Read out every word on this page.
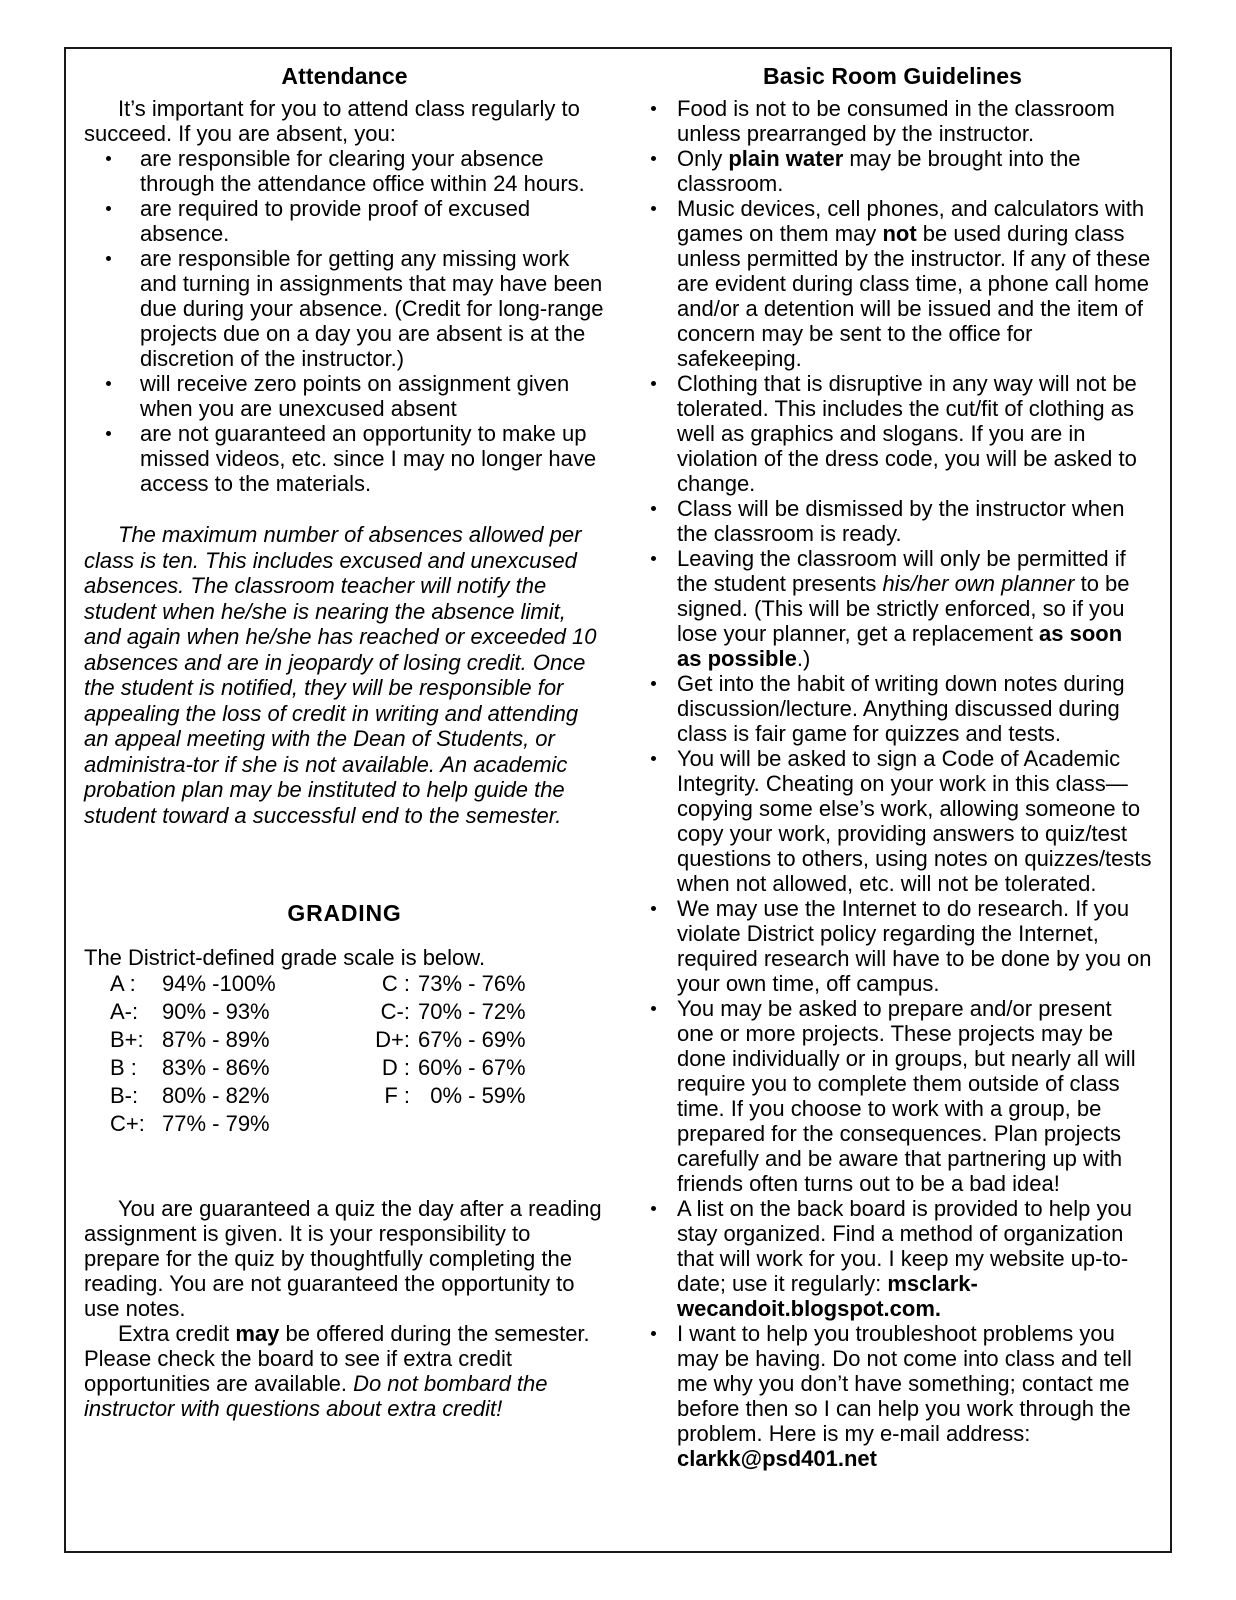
Attendance

It’s important for you to attend class regularly to succeed. If you are absent, you:

are responsible for clearing your absence through the attendance office within 24 hours.
are required to provide proof of excused absence.
are responsible for getting any missing work and turning in assignments that may have been due during your absence. (Credit for long-range projects due on a day you are absent is at the discretion of the instructor.)
will receive zero points on assignment given when you are unexcused absent
are not guaranteed an opportunity to make up missed videos, etc. since I may no longer have access to the materials.

The maximum number of absences allowed per class is ten. This includes excused and unexcused absences. The classroom teacher will notify the student when he/she is nearing the absence limit, and again when he/she has reached or exceeded 10 absences and are in jeopardy of losing credit. Once the student is notified, they will be responsible for appealing the loss of credit in writing and attending an appeal meeting with the Dean of Students, or administra-tor if she is not available. An academic probation plan may be instituted to help guide the student toward a successful end to the semester.

GRADING

The District-defined grade scale is below.

A :	94% -100%	C :	73% - 76%
A-:	90% - 93%	C-:	70% - 72%
B+:	87% - 89%	D+:	67% - 69%
B :	83% - 86%	D :	60% - 67%
B-:	80% - 82%	F :	0% - 59%
C+:	77% - 79%		

You are guaranteed a quiz the day after a reading assignment is given. It is your responsibility to prepare for the quiz by thoughtfully completing the reading. You are not guaranteed the opportunity to use notes.

Extra credit may be offered during the semester. Please check the board to see if extra credit opportunities are available. Do not bombard the instructor with questions about extra credit!

Basic Room Guidelines
Food is not to be consumed in the classroom unless prearranged by the instructor.
Only plain water may be brought into the classroom.
Music devices, cell phones, and calculators with games on them may not be used during class unless permitted by the instructor. If any of these are evident during class time, a phone call home and/or a detention will be issued and the item of concern may be sent to the office for safekeeping.
Clothing that is disruptive in any way will not be tolerated. This includes the cut/fit of clothing as well as graphics and slogans. If you are in violation of the dress code, you will be asked to change.
Class will be dismissed by the instructor when the classroom is ready.
Leaving the classroom will only be permitted if the student presents his/her own planner to be signed. (This will be strictly enforced, so if you lose your planner, get a replacement as soon as possible.)
Get into the habit of writing down notes during discussion/lecture. Anything discussed during class is fair game for quizzes and tests.
You will be asked to sign a Code of Academic Integrity. Cheating on your work in this class—copying some else’s work, allowing someone to copy your work, providing answers to quiz/test questions to others, using notes on quizzes/tests when not allowed, etc. will not be tolerated.
We may use the Internet to do research. If you violate District policy regarding the Internet, required research will have to be done by you on your own time, off campus.
You may be asked to prepare and/or present one or more projects. These projects may be done individually or in groups, but nearly all will require you to complete them outside of class time. If you choose to work with a group, be prepared for the consequences. Plan projects carefully and be aware that partnering up with friends often turns out to be a bad idea!
A list on the back board is provided to help you stay organized. Find a method of organization that will work for you. I keep my website up-to-date; use it regularly: msclark-wecandoit.blogspot.com.
I want to help you troubleshoot problems you may be having. Do not come into class and tell me why you don’t have something; contact me before then so I can help you work through the problem. Here is my e-mail address: clarkk@psd401.net
